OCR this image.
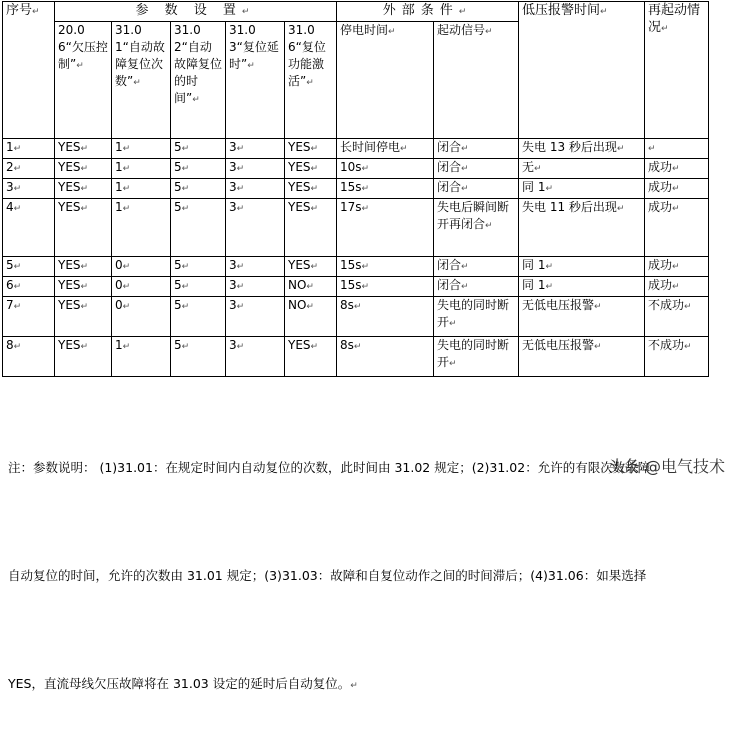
序号↵	参 数 设 置↵					外部条件↵		低压报警时间↵	再起动情况↵
	20.06“欠压控制”↵	31.01“自动故障复位次数”↵	31.02“自动故障复位的时间”↵	31.03“复位延时”↵	31.06“复位功能激活”↵	停电时间↵	起动信号↵		
1↵	YES↵	1↵	5↵	3↵	YES↵	长时间停电↵	闭合↵	失电 13 秒后出现↵	↵
2↵	YES↵	1↵	5↵	3↵	YES↵	10s↵	闭合↵	无↵	成功↵
3↵	YES↵	1↵	5↵	3↵	YES↵	15s↵	闭合↵	同 1↵	成功↵
4↵	YES↵	1↵	5↵	3↵	YES↵	17s↵	失电后瞬间断开再闭合↵	失电 11 秒后出现↵	成功↵
5↵	YES↵	0↵	5↵	3↵	YES↵	15s↵	闭合↵	同 1↵	成功↵
6↵	YES↵	0↵	5↵	3↵	NO↵	15s↵	闭合↵	同 1↵	成功↵
7↵	YES↵	0↵	5↵	3↵	NO↵	8s↵	失电的同时断开↵	无低电压报警↵	不成功↵
8↵	YES↵	1↵	5↵	3↵	YES↵	8s↵	失电的同时断开↵	无低电压报警↵	不成功↵

注：参数说明： (1)31.01：在规定时间内自动复位的次数，此时间由 31.02 规定；(2)31.02：允许的有限次数故障

自动复位的时间，允许的次数由 31.01 规定；(3)31.03：故障和自复位动作之间的时间滞后；(4)31.06：如果选择

YES，直流母线欠压故障将在 31.03 设定的延时后自动复位。↵

头条 @电气技术
